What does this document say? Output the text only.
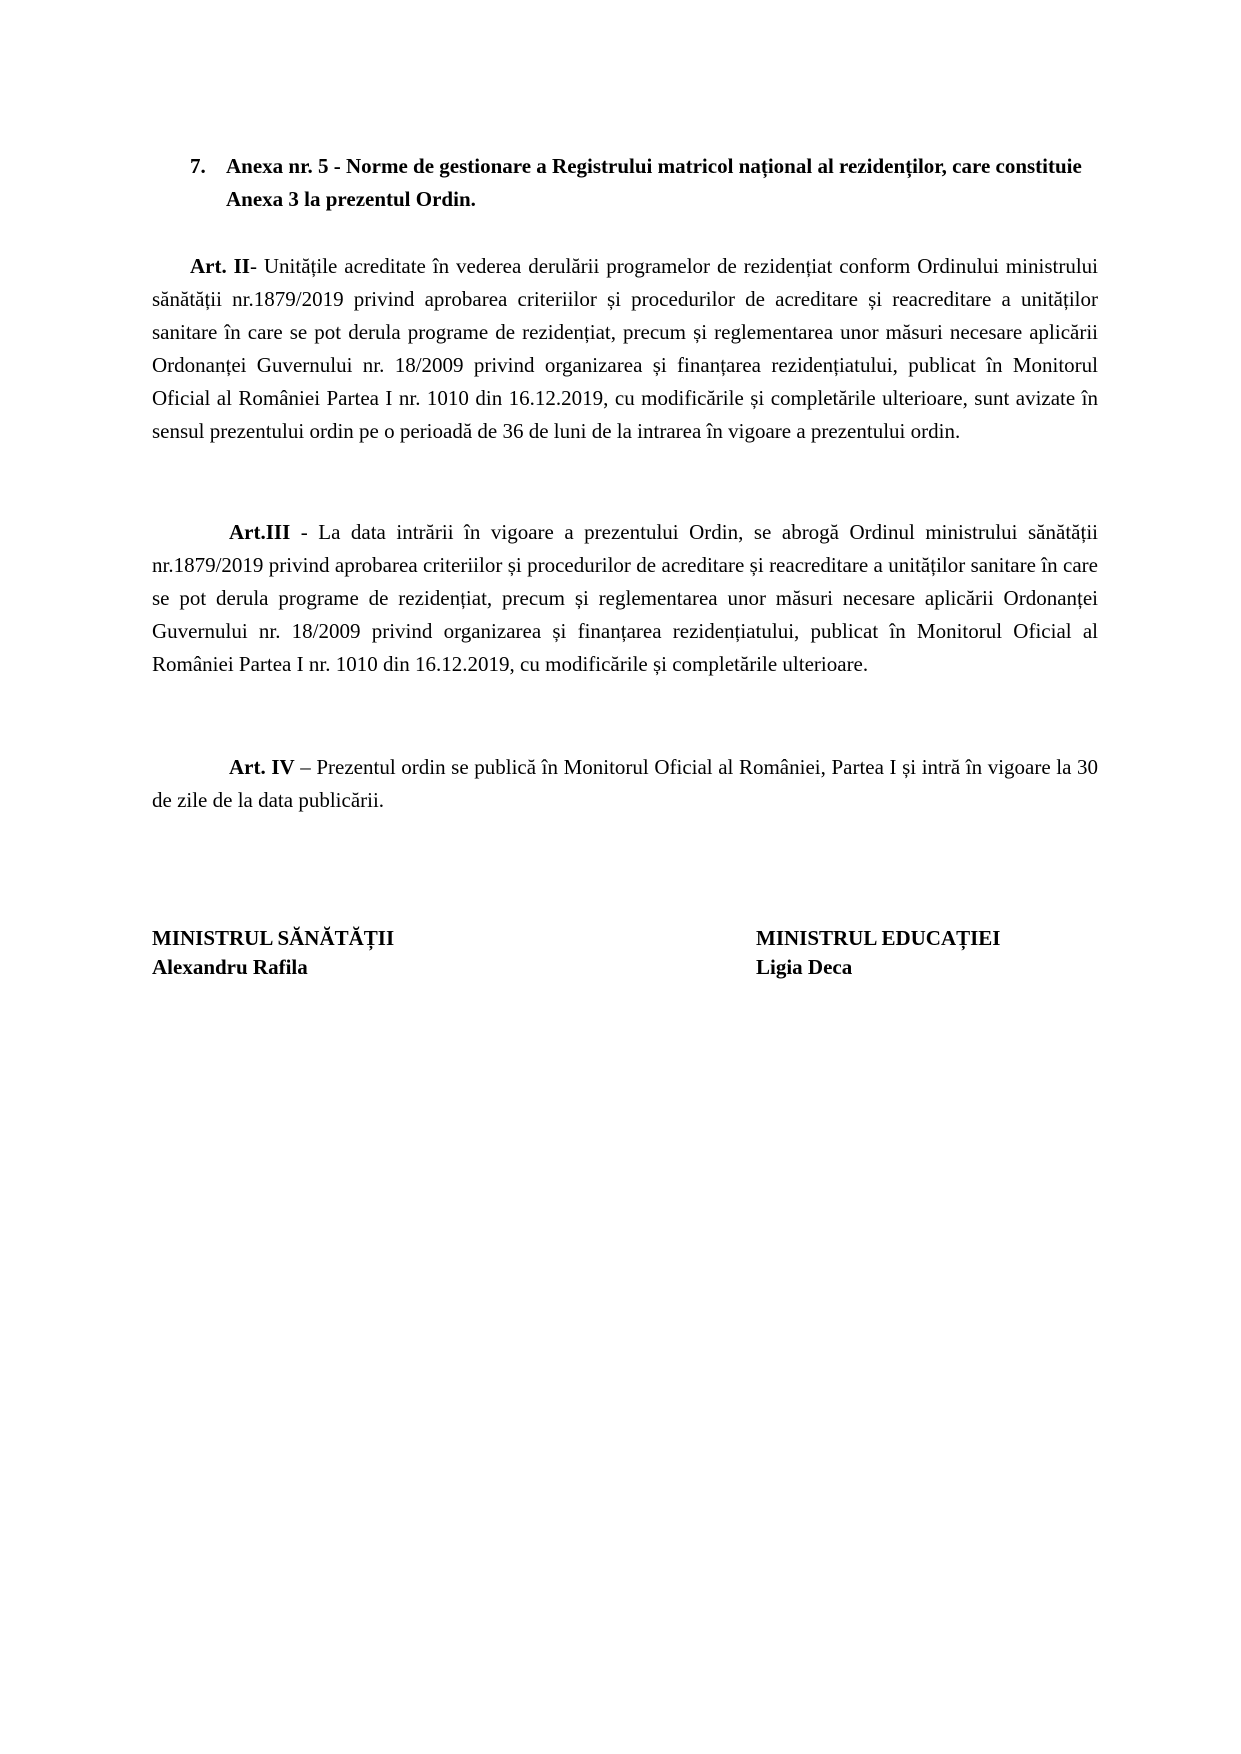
7. Anexa nr. 5 - Norme de gestionare a Registrului matricol național al rezidenților, care constituie Anexa 3 la prezentul Ordin.
Art. II- Unitățile acreditate în vederea derulării programelor de rezidențiat conform Ordinului ministrului sănătății nr.1879/2019 privind aprobarea criteriilor și procedurilor de acreditare și reacreditare a unităților sanitare în care se pot derula programe de rezidențiat, precum și reglementarea unor măsuri necesare aplicării Ordonanței Guvernului nr. 18/2009 privind organizarea și finanțarea rezidențiatului, publicat în Monitorul Oficial al României Partea I nr. 1010 din 16.12.2019, cu modificările și completările ulterioare, sunt avizate în sensul prezentului ordin pe o perioadă de 36 de luni de la intrarea în vigoare a prezentului ordin.
Art.III - La data intrării în vigoare a prezentului Ordin, se abrogă Ordinul ministrului sănătății nr.1879/2019 privind aprobarea criteriilor și procedurilor de acreditare și reacreditare a unităților sanitare în care se pot derula programe de rezidențiat, precum și reglementarea unor măsuri necesare aplicării Ordonanței Guvernului nr. 18/2009 privind organizarea și finanțarea rezidențiatului, publicat în Monitorul Oficial al României Partea I nr. 1010 din 16.12.2019, cu modificările și completările ulterioare.
Art. IV – Prezentul ordin se publică în Monitorul Oficial al României, Partea I și intră în vigoare la 30 de zile de la data publicării.
MINISTRUL SĂNĂTĂȚII
Alexandru Rafila
MINISTRUL EDUCAȚIEI
Ligia Deca
